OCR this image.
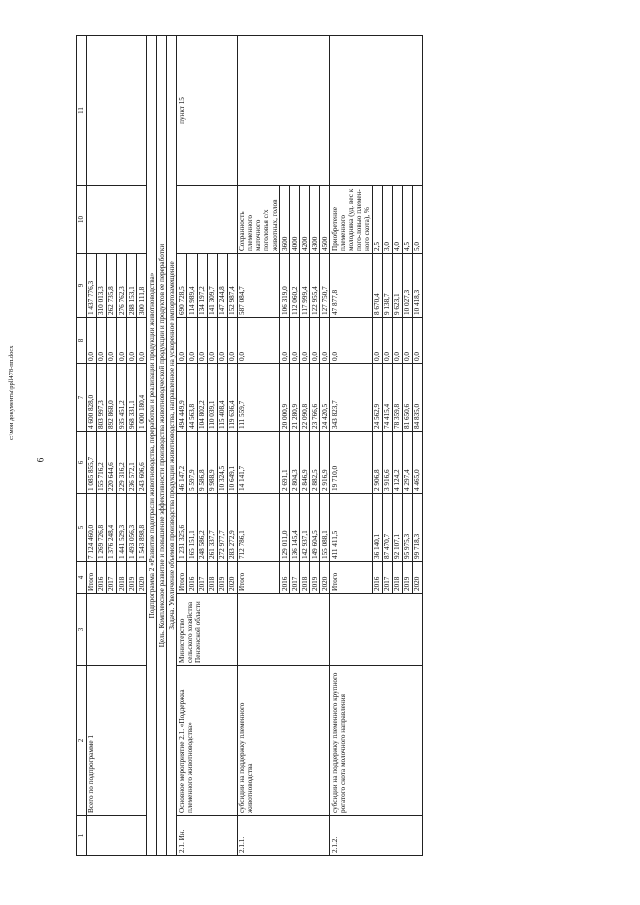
6
c:\мои документы\ppll478-пп.docx
1	2	3	4	5	6	7	8	9	10	11
	Всего по подпрограмме 1		Итого	7 124 460,0	1 085 855,7	4 600 828,0	0,0	1 437 776,3		
			2016	1 269 726,8	155 716,2	803 997,3	0,0	310 013,3		
			2017	1 376 248,4	220 644,6	892 868,0	0,0	262 735,8		
			2018	1 441 529,3	229 316,2	935 451,2	0,0	276 762,3		
			2019	1 493 056,3	236 572,1	968 331,1	0,0	288 153,1		
			2020	1 543 898,8	243 606,6	1 000 180,4	0,0	300 111,8		
Подпрограмма 2 «Развитие подотрасли животноводства, переработки и реализации продукции животноводства»										
Цель. Комплексное развитие и повышение эффективности производства животноводческой продукции и продуктов ее переработки										
Задача. Увеличение объемов производства продукции животноводства, направленное на ускоренное импортозамещение										
2.1. Ин.	Основное мероприятие 2.1. «Поддержка племенного животноводства»	Министерство сельского хозяйства Пензенской области	Итого	1 231 325,6	46 147,2	494 449,9	0,0	690 728,5		пункт 15
			2016	165 151,1	5 597,9	44 563,8	0,0	114 989,4		
			2017	248 586,2	9 586,8	104 802,2	0,0	134 197,2		
			2018	261 337,7	9 988,9	110 039,1	0,0	141 309,7		
			2019	272 977,7	10 324,5	115 408,4	0,0	147 244,8		
			2020	283 272,9	10 649,1	119 636,4	0,0	152 987,4		
2.1.1.	субсидии на поддержку племенного животноводства		Итого	712 786,1	14 141,7	111 559,7	0,0	587 084,7	Сохранность племенного маточного поголовья с/х животных, голов	
			2016	129 011,0	2 691,1	20 000,9	0,0	106 319,0	3600	
			2017	136 145,4	2 804,3	21 280,9	0,0	112 060,2	4000	
			2018	142 937,1	2 846,9	22 090,8	0,0	117 999,4	4200	
			2019	149 604,5	2 882,5	23 766,6	0,0	122 955,4	4300	
			2020	155 088,1	2 916,9	24 420,5	0,0	127 750,7	4500	
2.1.2.	субсидии на поддержку племенного крупного рогатого скота молочного направления		Итого	411 411,5	19 710,0	343 823,7	0,0	47 877,8	Приобретение племенного молодняка (уд. вес к пого-ловью племен-ного скота), %	
			2016	36 140,1	2 906,8	24 562,9	0,0	8 670,4	2,5	
			2017	87 470,7	3 916,6	74 415,4	0,0	9 138,7	3,0	
			2018	92 107,1	4 124,2	78 359,8	0,0	9 623,1	4,0	
			2019	95 975,3	4 297,4	81 650,6	0,0	10 027,3	4,5	
			2020	99 718,3	4 465,0	84 835,0	0,0	10 418,3	5,0	
